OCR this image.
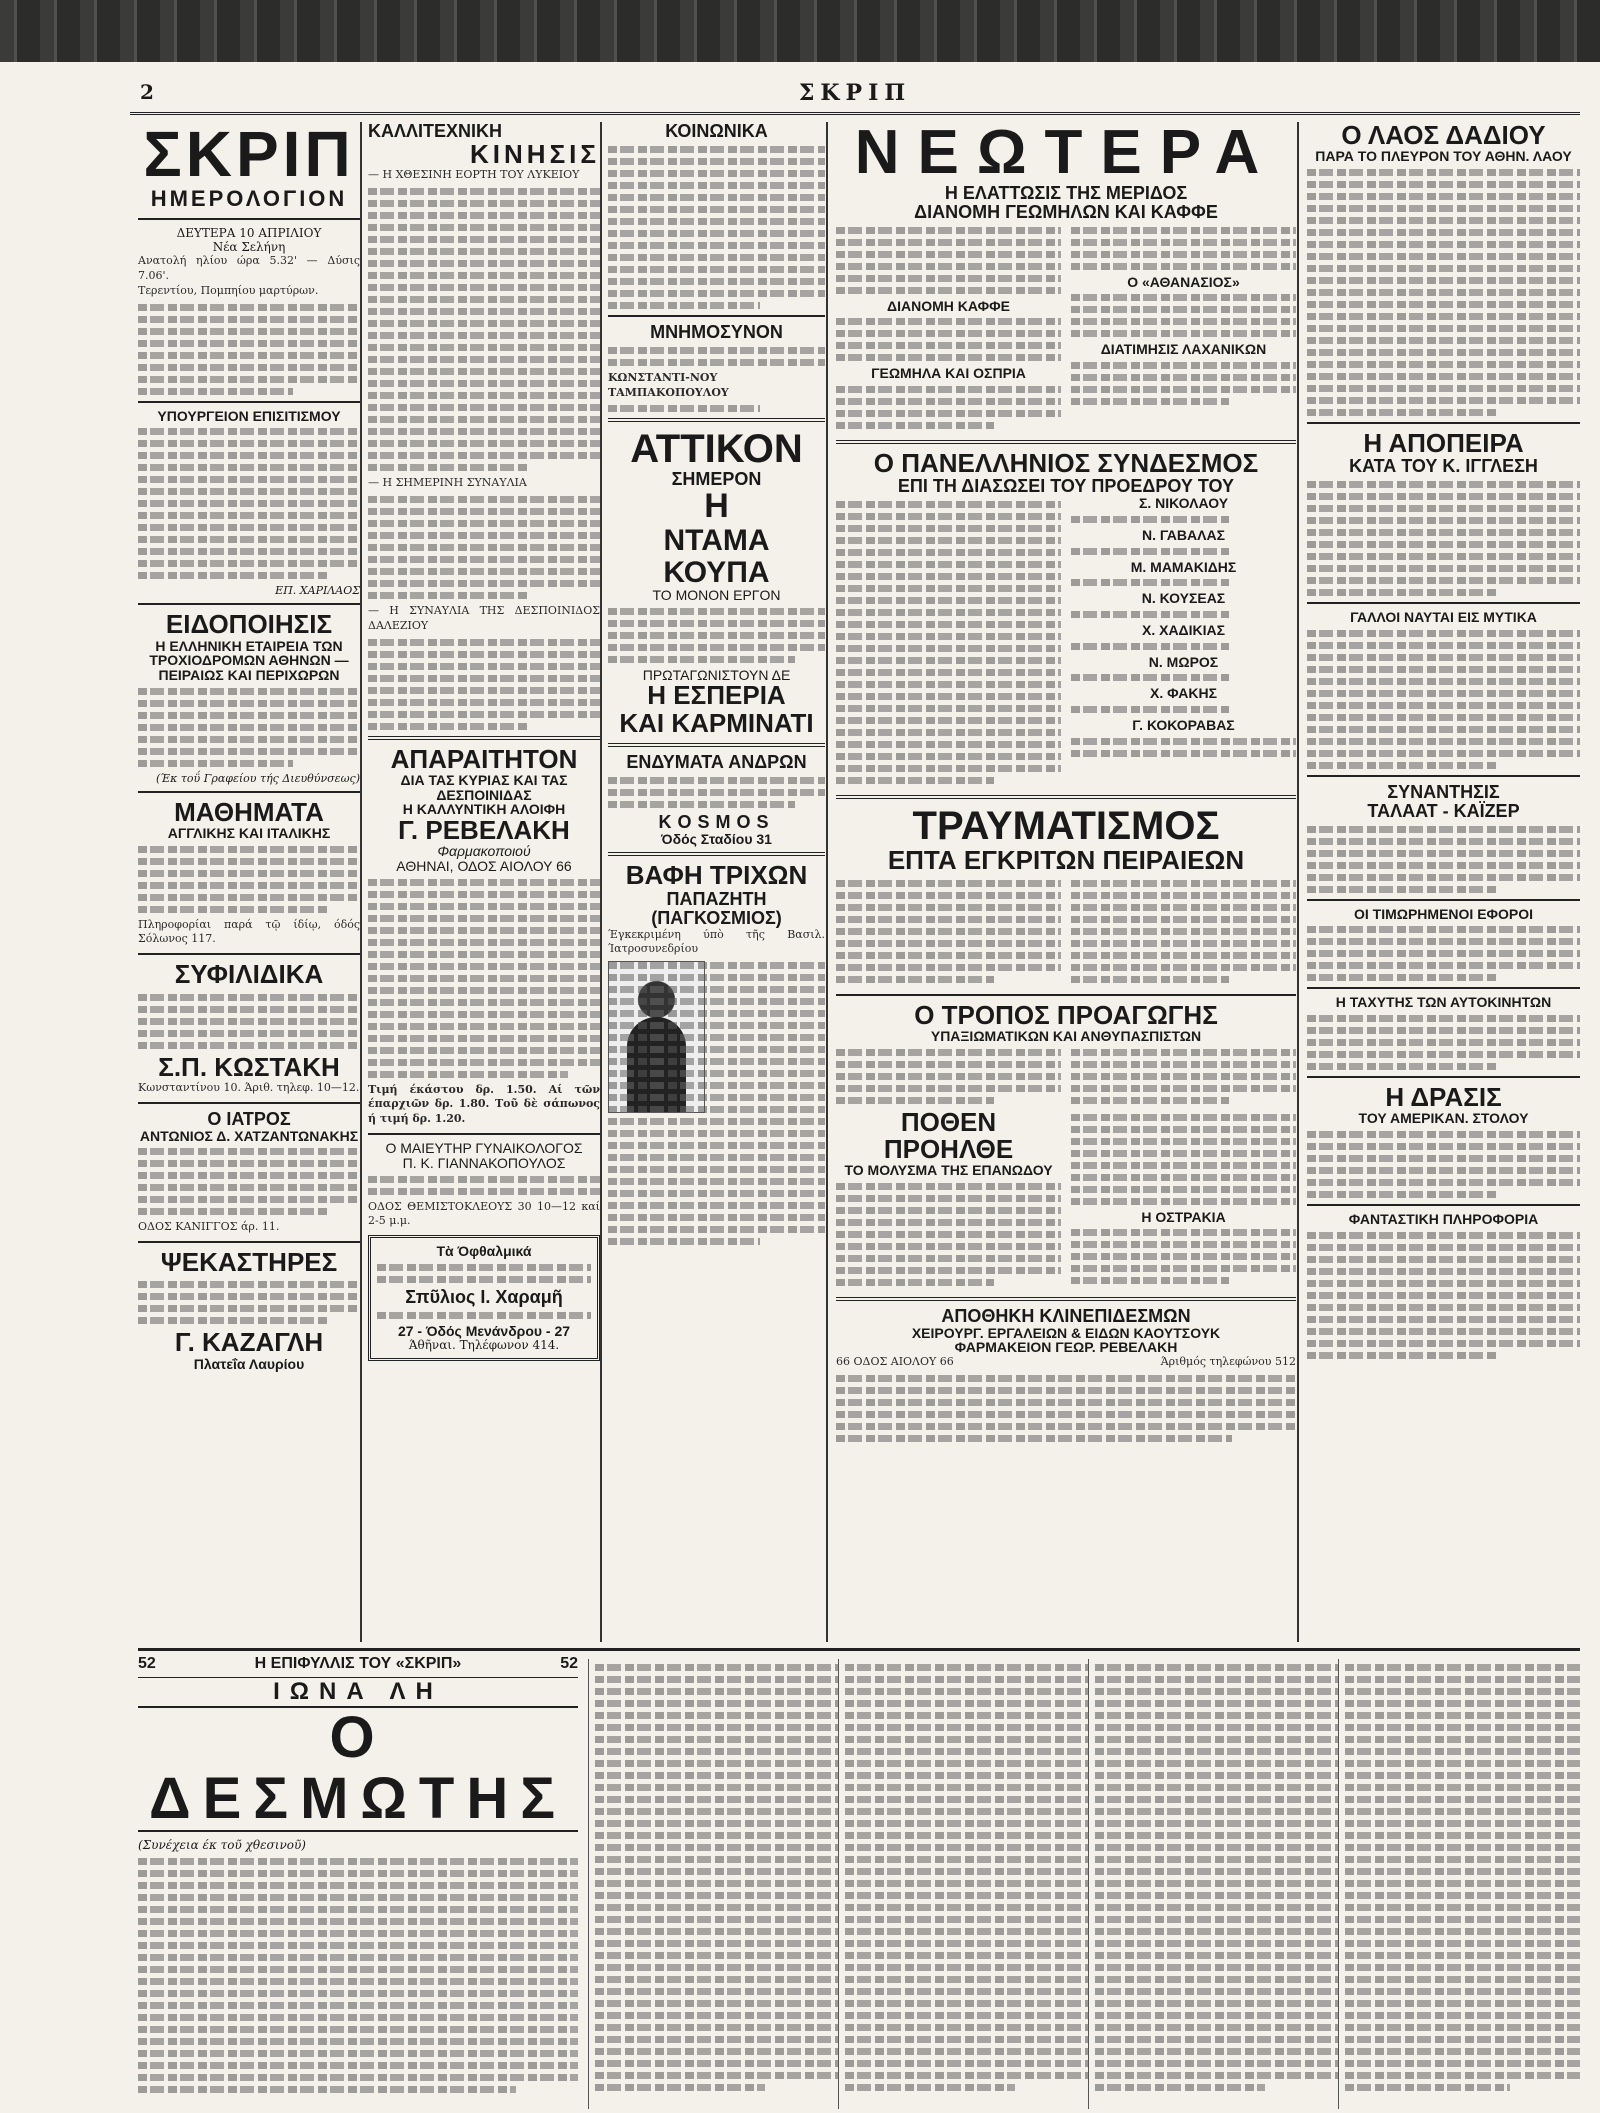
2	ΣΚΡΙΠ
ΣΚΡΙΠ
ΗΜΕΡΟΛΟΓΙΟΝ
ΔΕΥΤΕΡΑ 10 ΑΠΡΙΛΙΟΥ
Νέα Σελήνη
Ανατολή ηλίου ώρα 5.32' — Δύσις 7.06'.
Τερεντίου, Πομπηίου μαρτύρων.
ΥΠΟΥΡΓΕΙΟΝ ΕΠΙΣΙΤΙΣΜΟΥ
ΕΠ. ΧΑΡΙΛΑΟΣ
ΕΙΔΟΠΟΙΗΣΙΣ
Η ΕΛΛΗΝΙΚΗ ΕΤΑΙΡΕΙΑ ΤΩΝ ΤΡΟΧΙΟΔΡΟΜΩΝ ΑΘΗΝΩΝ — ΠΕΙΡΑΙΩΣ ΚΑΙ ΠΕΡΙΧΩΡΩΝ
(Έκ τοΰ Γραφείου τής Διευθύνσεως)
ΜΑΘΗΜΑΤΑ
ΑΓΓΛΙΚΗΣ ΚΑΙ ΙΤΑΛΙΚΗΣ
Πληροφορίαι παρά τῷ ίδίῳ, όδός Σόλωνος 117.
ΣΥΦΙΛΙΔΙΚΑ
Σ.Π. ΚΩΣΤΑΚΗ
Κωνσταντίνου 10. Άριθ. τηλεφ. 10—12.
Ο ΙΑΤΡΟΣ
ΑΝΤΩΝΙΟΣ Δ. ΧΑΤΖΑΝΤΩΝΑΚΗΣ
ΟΔΟΣ ΚΑΝΙΓΓΟΣ άρ. 11.
ΨΕΚΑΣΤΗΡΕΣ
Γ. ΚΑΖΑΓΛΗ
Πλατεΐα Λαυρίου
ΚΑΛΛΙΤΕΧΝΙΚΗ
ΚΙΝΗΣΙΣ
— Η ΧΘΕΣΙΝΗ ΕΟΡΤΗ ΤΟΥ ΛΥΚΕΙΟΥ
— Η ΣΗΜΕΡΙΝΗ ΣΥΝΑΥΛΙΑ
— Η ΣΥΝΑΥΛΙΑ ΤΗΣ ΔΕΣΠΟΙΝΙΔΟΣ ΔΑΛΕΖΙΟΥ
ΑΠΑΡΑΙΤΗΤΟΝ
ΔΙΑ ΤΑΣ ΚΥΡΙΑΣ ΚΑΙ ΤΑΣ ΔΕΣΠΟΙΝΙΔΑΣ
Η ΚΑΛΛΥΝΤΙΚΗ ΑΛΟΙΦΗ
Γ. ΡΕΒΕΛΑΚΗ
Φαρμακοποιού
ΑΘΗΝΑΙ, ΟΔΟΣ ΑΙΟΛΟΥ 66
Τιμή έκάστου δρ. 1.50. Αί τῶν έπαρχιῶν δρ. 1.80. Τοῦ δὲ σάπωνος ή τιμή δρ. 1.20.
Ο ΜΑΙΕΥΤΗΡ ΓΥΝΑΙΚΟΛΟΓΟΣ
Π. Κ. ΓΙΑΝΝΑΚΟΠΟΥΛΟΣ
ΟΔΟΣ ΘΕΜΙΣΤΟΚΛΕΟΥΣ 30 10—12 καί 2-5 μ.μ.
Τὰ Όφθαλμικά
Σπῦλιος Ι. Χαραμῆ
27 - Όδός Μενάνδρου - 27
Άθῆναι. Τηλέφωνον 414.
ΚΟΙΝΩΝΙΚΑ
ΜΝΗΜΟΣΥΝΟΝ
ΚΩΝΣΤΑΝΤΙ-ΝΟΥ ΤΑΜΠΑΚΟΠΟΥΛΟΥ
ΑΤΤΙΚΟΝ
ΣΗΜΕΡΟΝ
Η
ΝΤΑΜΑ ΚΟΥΠΑ
ΤΟ ΜΟΝΟΝ ΕΡΓΟΝ
ΠΡΩΤΑΓΩΝΙΣΤΟΥΝ ΔΕ
Η ΕΣΠΕΡΙΑ
ΚΑΙ ΚΑΡΜΙΝΑΤΙ
ΕΝΔΥΜΑΤΑ ΑΝΔΡΩΝ
KOSMOS
Όδός Σταδίου 31
ΒΑΦΗ ΤΡΙΧΩΝ
ΠΑΠΑΖΗΤΗ (ΠΑΓΚΟΣΜΙΟΣ)
Έγκεκριμένη ύπὸ τῆς Βασιλ. Ίατροσυνεδρίου
ΝΕΩΤΕΡΑ
Η ΕΛΑΤΤΩΣΙΣ ΤΗΣ ΜΕΡΙΔΟΣ
ΔΙΑΝΟΜΗ ΓΕΩΜΗΛΩΝ ΚΑΙ ΚΑΦΦΕ
ΔΙΑΝΟΜΗ ΚΑΦΦΕ
ΓΕΩΜΗΛΑ ΚΑΙ ΟΣΠΡΙΑ
Ο «ΑΘΑΝΑΣΙΟΣ»
ΔΙΑΤΙΜΗΣΙΣ ΛΑΧΑΝΙΚΩΝ
Ο ΠΑΝΕΛΛΗΝΙΟΣ ΣΥΝΔΕΣΜΟΣ
ΕΠΙ ΤΗ ΔΙΑΣΩΣΕΙ ΤΟΥ ΠΡΟΕΔΡΟΥ ΤΟΥ
Σ. ΝΙΚΟΛΑΟΥ
Ν. ΓΑΒΑΛΑΣ
Μ. ΜΑΜΑΚΙΔΗΣ
Ν. ΚΟΥΣΕΑΣ
Χ. ΧΑΔΙΚΙΑΣ
Ν. ΜΩΡΟΣ
Χ. ΦΑΚΗΣ
Γ. ΚΟΚΟΡΑΒΑΣ
ΤΡΑΥΜΑΤΙΣΜΟΣ
ΕΠΤΑ ΕΓΚΡΙΤΩΝ ΠΕΙΡΑΙΕΩΝ
Ο ΤΡΟΠΟΣ ΠΡΟΑΓΩΓΗΣ
ΥΠΑΞΙΩΜΑΤΙΚΩΝ ΚΑΙ ΑΝΘΥΠΑΣΠΙΣΤΩΝ
ΠΟΘΕΝ ΠΡΟΗΛΘΕ
ΤΟ ΜΟΛΥΣΜΑ ΤΗΣ ΕΠΑΝΩΔΟΥ
Η ΟΣΤΡΑΚΙΑ
ΑΠΟΘΗΚΗ ΚΛΙΝΕΠΙΔΕΣΜΩΝ
ΧΕΙΡΟΥΡΓ. ΕΡΓΑΛΕΙΩΝ & ΕΙΔΩΝ ΚΑΟΥΤΣΟΥΚ
ΦΑΡΜΑΚΕΙΟΝ ΓΕΩΡ. ΡΕΒΕΛΑΚΗ
66 ΟΔΟΣ ΑΙΟΛΟΥ 66	Άριθμός τηλεφώνου 512
Ο ΛΑΟΣ ΔΑΔΙΟΥ
ΠΑΡΑ ΤΟ ΠΛΕΥΡΟΝ ΤΟΥ ΑΘΗΝ. ΛΑΟΥ
Η ΑΠΟΠΕΙΡΑ
ΚΑΤΑ ΤΟΥ Κ. ΙΓΓΛΕΣΗ
ΓΑΛΛΟΙ ΝΑΥΤΑΙ ΕΙΣ ΜΥΤΙΚΑ
ΣΥΝΑΝΤΗΣΙΣ
ΤΑΛΑΑΤ - ΚΑΪΖΕΡ
ΟΙ ΤΙΜΩΡΗΜΕΝΟΙ ΕΦΟΡΟΙ
Η ΤΑΧΥΤΗΣ ΤΩΝ ΑΥΤΟΚΙΝΗΤΩΝ
Η ΔΡΑΣΙΣ
ΤΟΥ ΑΜΕΡΙΚΑΝ. ΣΤΟΛΟΥ
ΦΑΝΤΑΣΤΙΚΗ ΠΛΗΡΟΦΟΡΙΑ
52	Η ΕΠΙΦΥΛΛΙΣ ΤΟΥ «ΣΚΡΙΠ»	52
ΙΩΝΑ ΛΗ
Ο ΔΕΣΜΩΤΗΣ
(Συνέχεια έκ τοῦ χθεσινοῦ)
